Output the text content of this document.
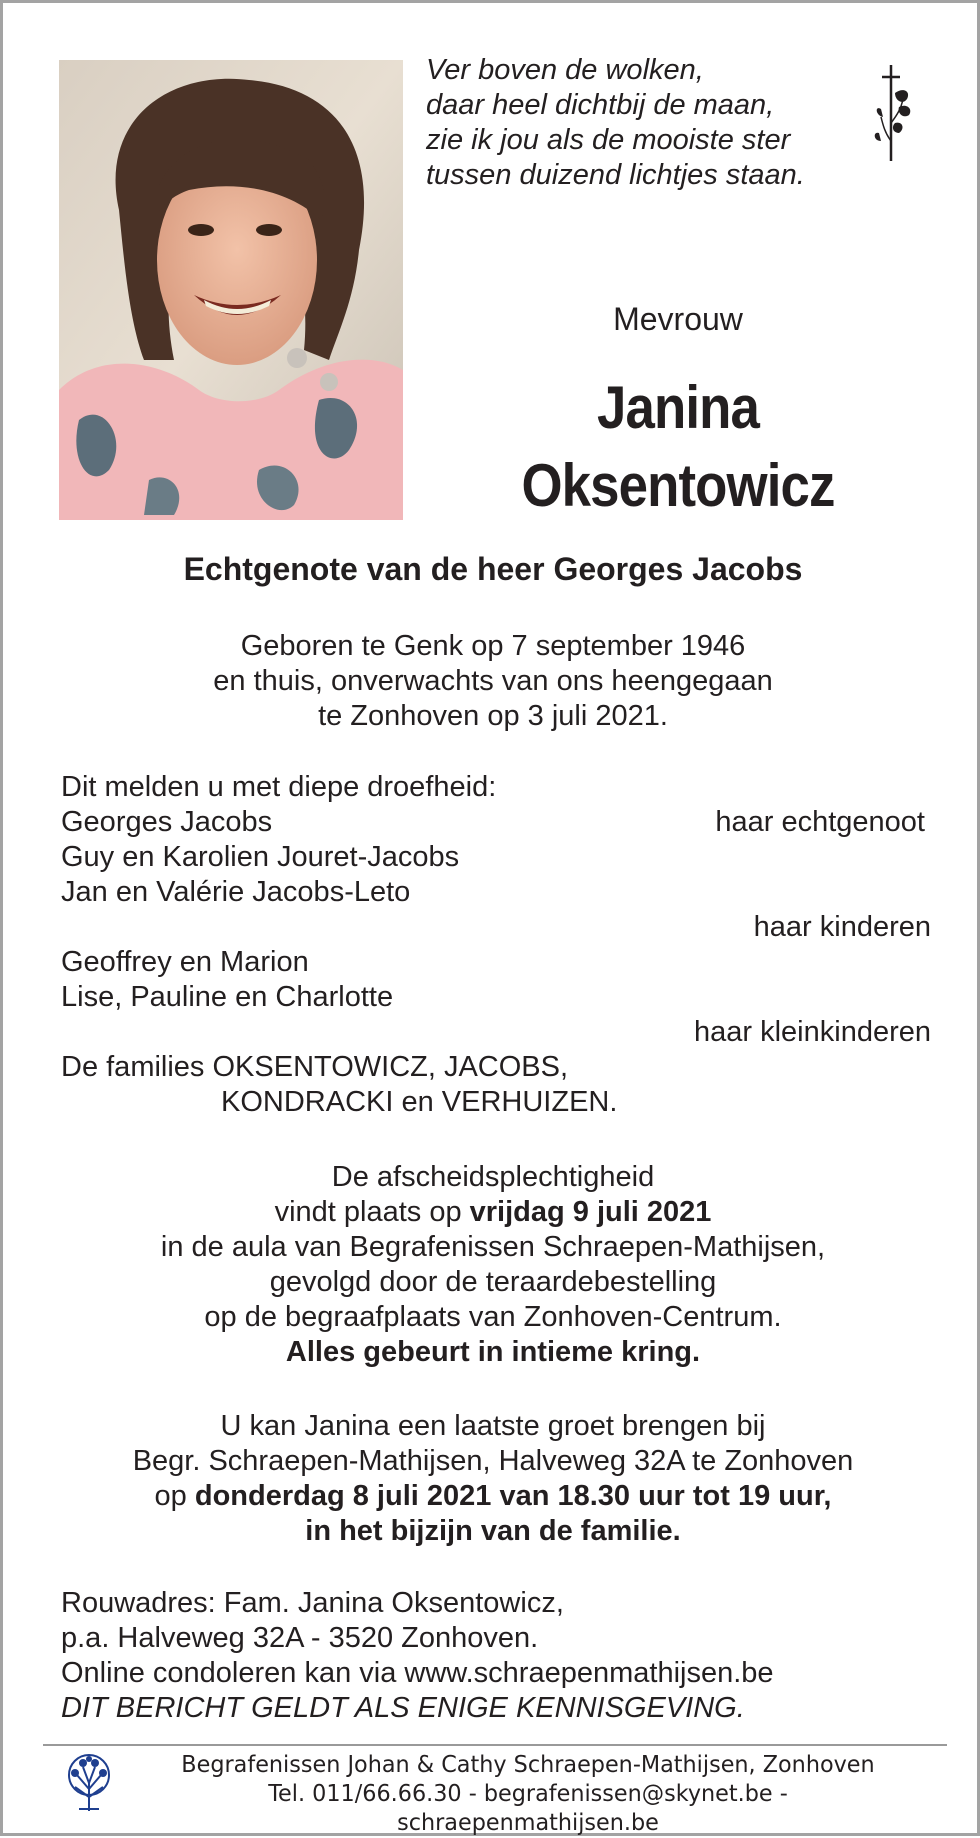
Ver boven de wolken,
daar heel dichtbij de maan,
zie ik jou als de mooiste ster
tussen duizend lichtjes staan.
Mevrouw
Janina
Oksentowicz
Echtgenote van de heer Georges Jacobs
Geboren te Genk op 7 september 1946
en thuis, onverwachts van ons heengegaan
te Zonhoven op 3 juli 2021.
Dit melden u met diepe droefheid:
Georges Jacobs	haar echtgenoot
Guy en Karolien Jouret-Jacobs
Jan en Valérie Jacobs-Leto
haar kinderen
Geoffrey en Marion
Lise, Pauline en Charlotte
haar kleinkinderen
De families OKSENTOWICZ, JACOBS,
KONDRACKI en VERHUIZEN.
De afscheidsplechtigheid
vindt plaats op vrijdag 9 juli 2021
in de aula van Begrafenissen Schraepen-Mathijsen,
gevolgd door de teraardebestelling
op de begraafplaats van Zonhoven-Centrum.
Alles gebeurt in intieme kring.
U kan Janina een laatste groet brengen bij
Begr. Schraepen-Mathijsen, Halveweg 32A te Zonhoven
op donderdag 8 juli 2021 van 18.30 uur tot 19 uur,
in het bijzijn van de familie.
Rouwadres: Fam. Janina Oksentowicz,
p.a. Halveweg 32A - 3520 Zonhoven.
Online condoleren kan via www.schraepenmathijsen.be
DIT BERICHT GELDT ALS ENIGE KENNISGEVING.
Begrafenissen Johan & Cathy Schraepen-Mathijsen, Zonhoven
Tel. 011/66.66.30 - begrafenissen@skynet.be - schraepenmathijsen.be
